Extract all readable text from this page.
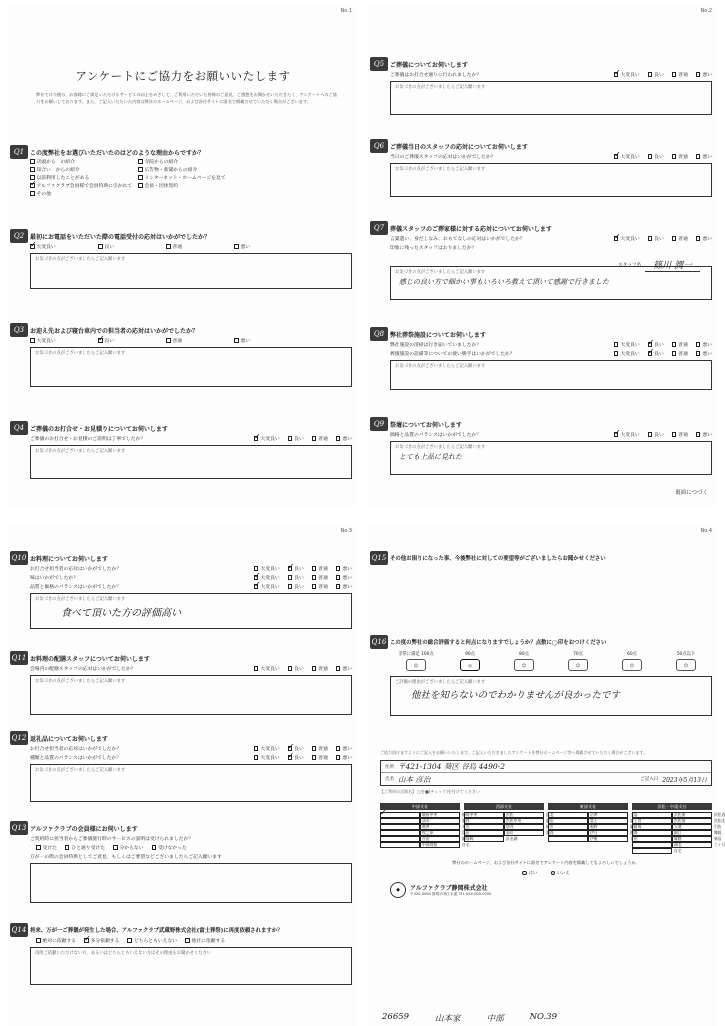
No.1
アンケートにご協力をお願いいたします
弊社では今後の、お客様にご満足いただけるサービスの向上をめざして、ご利用いただいた皆様のご意見、ご感想をお聞かせいただきたく、アンケートへのご協力をお願いしております。また、ご記入いただいた内容は弊社のホームページ、および各社サイトに匿名で掲載させていただく場合がございます。
Q1 この度弊社をお選びいただいたのはどのような理由からですか？
店頭から　の紹介	寺院からの紹介
知合い　からの紹介	広告物・新聞からの紹介
以前利用したことがある	インターネット・ホームページを見て
✓アルファクラブ会員様で会員特典に引かれて	会員・団体契約
その他
Q2 最初にお電話をいただいた際の電話受付の応対はいかがでしたか？
✓大変良い	良い	普通	悪い
お気づきの点がございましたらご記入願います
Q3 お迎え先および寝台車内での担当者の応対はいかがでしたか？
大変良い ✓	良い	普通	悪い
お気づきの点がございましたらご記入願います
Q4 ご葬儀のお打合せ・お見積りについてお伺いします
ご葬儀のお打合せ・お見積のご説明は丁寧でしたか？ ✓	大変良い	良い	普通	悪い
お気づきの点がございましたらご記入願います
No.2
Q5 ご葬儀についてお伺いします
ご葬儀はお打合せ通りに行われましたか？ ✓	大変良い	良い	普通	悪い
お気づきの点がございましたらご記入願います
Q6 ご葬儀当日のスタッフの応対についてお伺いします
当日のご葬儀スタッフの応対はいかがでしたか？ ✓	大変良い	良い	普通	悪い
お気づきの点がございましたらご記入願います
Q7 葬儀スタッフのご葬家様に対する応対についてお伺いします
言葉遣い、身だしなみ、おもてなしの応対はいかがでしたか？ ✓	大変良い	良い	普通	悪い
印象に残ったスタッフはおりましたか？
スタッフ名	篠川 潤一
お気づきの点がございましたらご記入願います
感じの良い方で細かい事もいろいろ教えて頂いて感謝で行きました
Q8 弊社葬祭施設についてお伺いします
弊社施設の清掃は行き届いていましたか？	大変良い ✓	良い	普通	悪い
葬儀施設の設備等についての使い勝手はいかがでしたか？	大変良い ✓	良い	普通	悪い
お気づきの点がございましたらご記入願います
Q9 祭壇についてお伺いします
価格と品質のバランスはいかがでしたか？ ✓	大変良い	良い	普通	悪い
お気づきの点がございましたらご記入願います
とても上品に見れた
裏面につづく
No.3
Q10 お料理についてお伺いします
お打合せ担当者の応対はいかがでしたか？	大変良い ✓	良い	普通	悪い
味はいかがでしたか？ ✓	大変良い	良い	普通	悪い
品質と価格のバランスはいかがでしたか？ ✓	大変良い	良い	普通	悪い
お気づきの点がございましたらご記入願います
食べて頂いた方の評価高い
Q11 お料理の配膳スタッフについてお伺いします
会場内の配膳スタッフの応対はいかがでしたか？	大変良い	良い	普通	悪い
お気づきの点がございましたらご記入願います
Q12 返礼品についてお伺いします
お打合せ担当者の応対はいかがでしたか？	大変良い ✓	良い	普通	悪い
種類と品質のバランスはいかがでしたか？	大変良い ✓	良い	普通	悪い
お気づきの点がございましたらご記入願います
Q13 アルファクラブの会員様にお伺いします
ご契約時に担当者からご葬儀施行時のサービスの説明は受けられましたか？
受けた	ひと通り受けた	分からない	受けなかった
万が一の際の会員特典としてご意見、もしくはご要望などございましたらご記入願います
Q14 将来、万が一ご葬儀が発生した場合、アルファクラブ武蔵野株式会社(富士葬祭)に再度依頼されますか？
絶対に依頼する ✓	多分依頼する	どちらともいえない	他社に依頼する
再度ご依頼いただけない方、あるいはどちらともいえない方はその理由をお聞かせください
No.4
Q15 その他お困りになった事、今後弊社に対しての要望等がございましたらお聞かせください
Q16 この度の弊社の総合評価すると何点になりますでしょうか？点数に◯印をおつけください
非常に満足 100点
☺
90点
◎
80点
☺
70点
☺
60点
☹
50点以下
☹
ご評価の理由がございましたらご記入願います
他社を知らないのでわかりませんが良かったです
ご協力頂けますようにご記入をお願いいたします。ご記入いただきましたアンケートを弊社ホームページ等へ掲載させていただく場合がございます。
住所 〒421-1304 葵区 谷島 4490-2
氏名 山本 彦治	ご記入日 2023年5月13日
【ご利用の式場名】 □を■(チェック)を付けてください
中部支社
✓駿府中央	静岡中央
清水	藤枝
焼津	長田
牧之原	島田
吉田	御前崎
中部葬祭	自宅
西部支社
浜松	浜北
浜松中央	磐田
袋井	掛川
菊川	湖西
浜名湖
東部支社
沼津	三島
富士	富士宮
裾野	御殿場
伊豆	熱海
伊東	下田
浜松・中遠支社
浜松東	浜松西
浜松南	浜松北
天竜	引佐
細江	舞阪
雄踏	新居
湖北	三ヶ日
自宅
弊社のホームページ、および各社サイトに匿名でアンケート内容を掲載してもよろしいでしょうか。
はい	いいえ
◆	アルファクラブ静岡株式会社
〒420-0064 静岡市葵区本通 TEL 054-000-0000
26659	山本家	中部	NO.39
